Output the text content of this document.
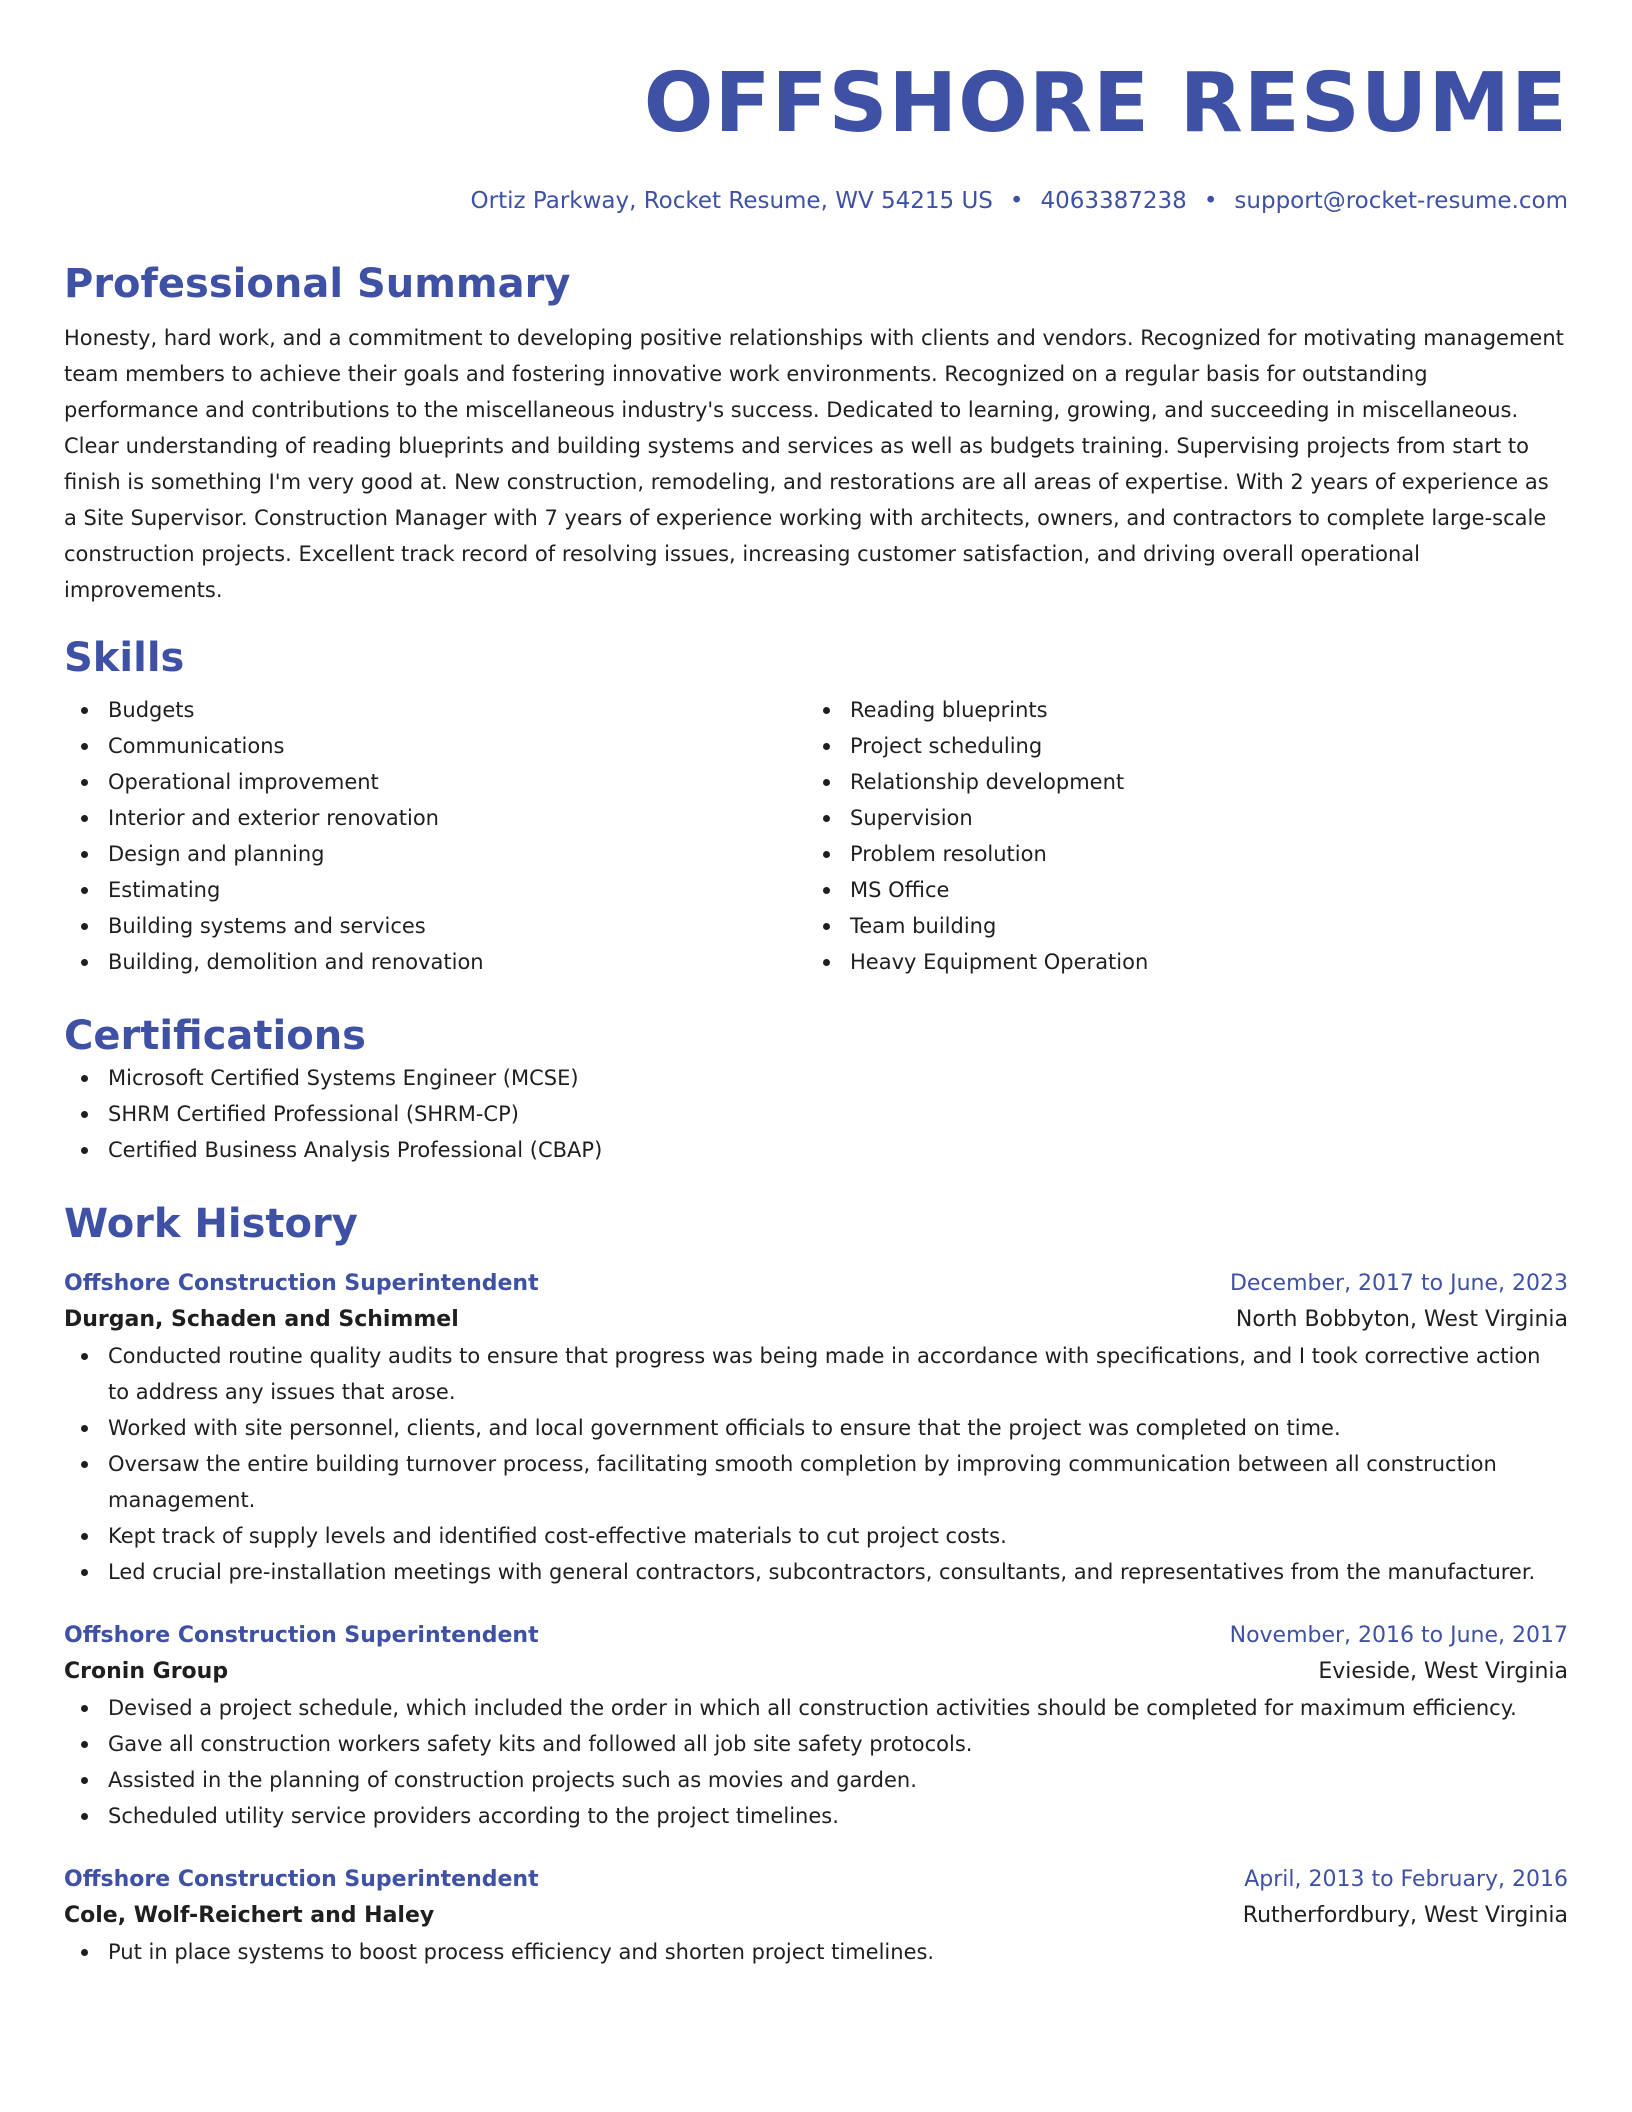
OFFSHORE RESUME
Ortiz Parkway, Rocket Resume, WV 54215 US • 4063387238 • support@rocket-resume.com
Professional Summary
Honesty, hard work, and a commitment to developing positive relationships with clients and vendors. Recognized for motivating management team members to achieve their goals and fostering innovative work environments. Recognized on a regular basis for outstanding performance and contributions to the miscellaneous industry's success. Dedicated to learning, growing, and succeeding in miscellaneous. Clear understanding of reading blueprints and building systems and services as well as budgets training. Supervising projects from start to finish is something I'm very good at. New construction, remodeling, and restorations are all areas of expertise. With 2 years of experience as a Site Supervisor. Construction Manager with 7 years of experience working with architects, owners, and contractors to complete large-scale construction projects. Excellent track record of resolving issues, increasing customer satisfaction, and driving overall operational improvements.
Skills
Budgets
Communications
Operational improvement
Interior and exterior renovation
Design and planning
Estimating
Building systems and services
Building, demolition and renovation
Reading blueprints
Project scheduling
Relationship development
Supervision
Problem resolution
MS Office
Team building
Heavy Equipment Operation
Certifications
Microsoft Certified Systems Engineer (MCSE)
SHRM Certified Professional (SHRM-CP)
Certified Business Analysis Professional (CBAP)
Work History
Offshore Construction Superintendent	December, 2017 to June, 2023
Durgan, Schaden and Schimmel	North Bobbyton, West Virginia
Conducted routine quality audits to ensure that progress was being made in accordance with specifications, and I took corrective action to address any issues that arose.
Worked with site personnel, clients, and local government officials to ensure that the project was completed on time.
Oversaw the entire building turnover process, facilitating smooth completion by improving communication between all construction management.
Kept track of supply levels and identified cost-effective materials to cut project costs.
Led crucial pre-installation meetings with general contractors, subcontractors, consultants, and representatives from the manufacturer.
Offshore Construction Superintendent	November, 2016 to June, 2017
Cronin Group	Evieside, West Virginia
Devised a project schedule, which included the order in which all construction activities should be completed for maximum efficiency.
Gave all construction workers safety kits and followed all job site safety protocols.
Assisted in the planning of construction projects such as movies and garden.
Scheduled utility service providers according to the project timelines.
Offshore Construction Superintendent	April, 2013 to February, 2016
Cole, Wolf-Reichert and Haley	Rutherfordbury, West Virginia
Put in place systems to boost process efficiency and shorten project timelines.
